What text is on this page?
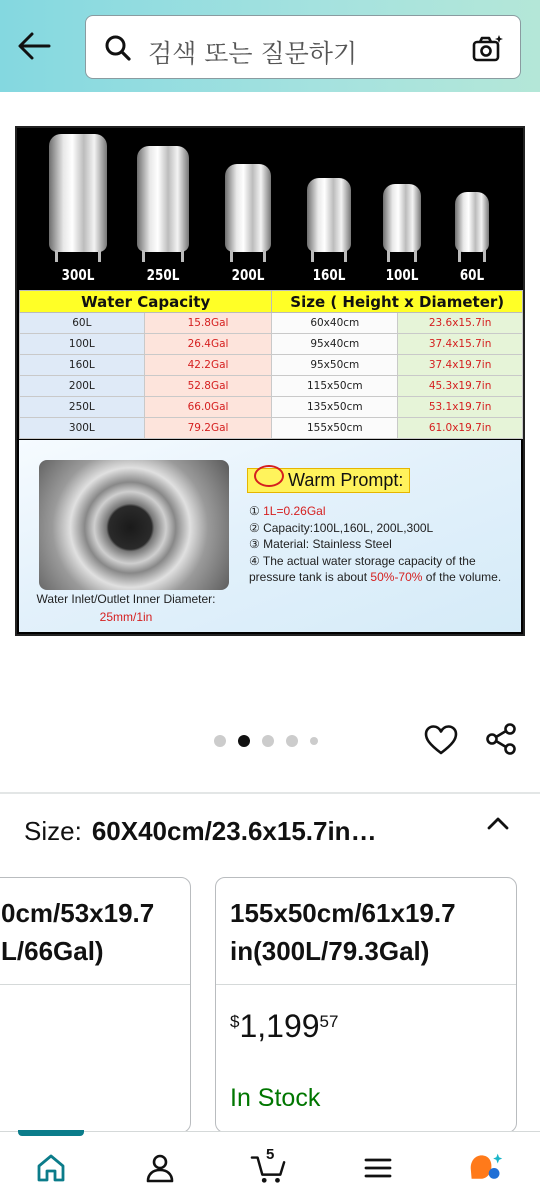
검색 또는 질문하기
300L	250L	200L	160L	100L	60L
Water Capacity		Size ( Height x Diameter)	
60L	15.8Gal	60x40cm	23.6x15.7in
100L	26.4Gal	95x40cm	37.4x15.7in
160L	42.2Gal	95x50cm	37.4x19.7in
200L	52.8Gal	115x50cm	45.3x19.7in
250L	66.0Gal	135x50cm	53.1x19.7in
300L	79.2Gal	155x50cm	61.0x19.7in
Water Inlet/Outlet Inner Diameter:
25mm/1in
Warm Prompt:
① 1L=0.26Gal
② Capacity:100L,160L, 200L,300L
③ Material: Stainless Steel
④ The actual water storage capacity of the pressure tank is about 50%-70% of the volume.
Size: 60X40cm/23.6x15.7in…
0cm/53x19.7
L/66Gal)
155x50cm/61x19.7
in(300L/79.3Gal)
$1,19957
In Stock
5
